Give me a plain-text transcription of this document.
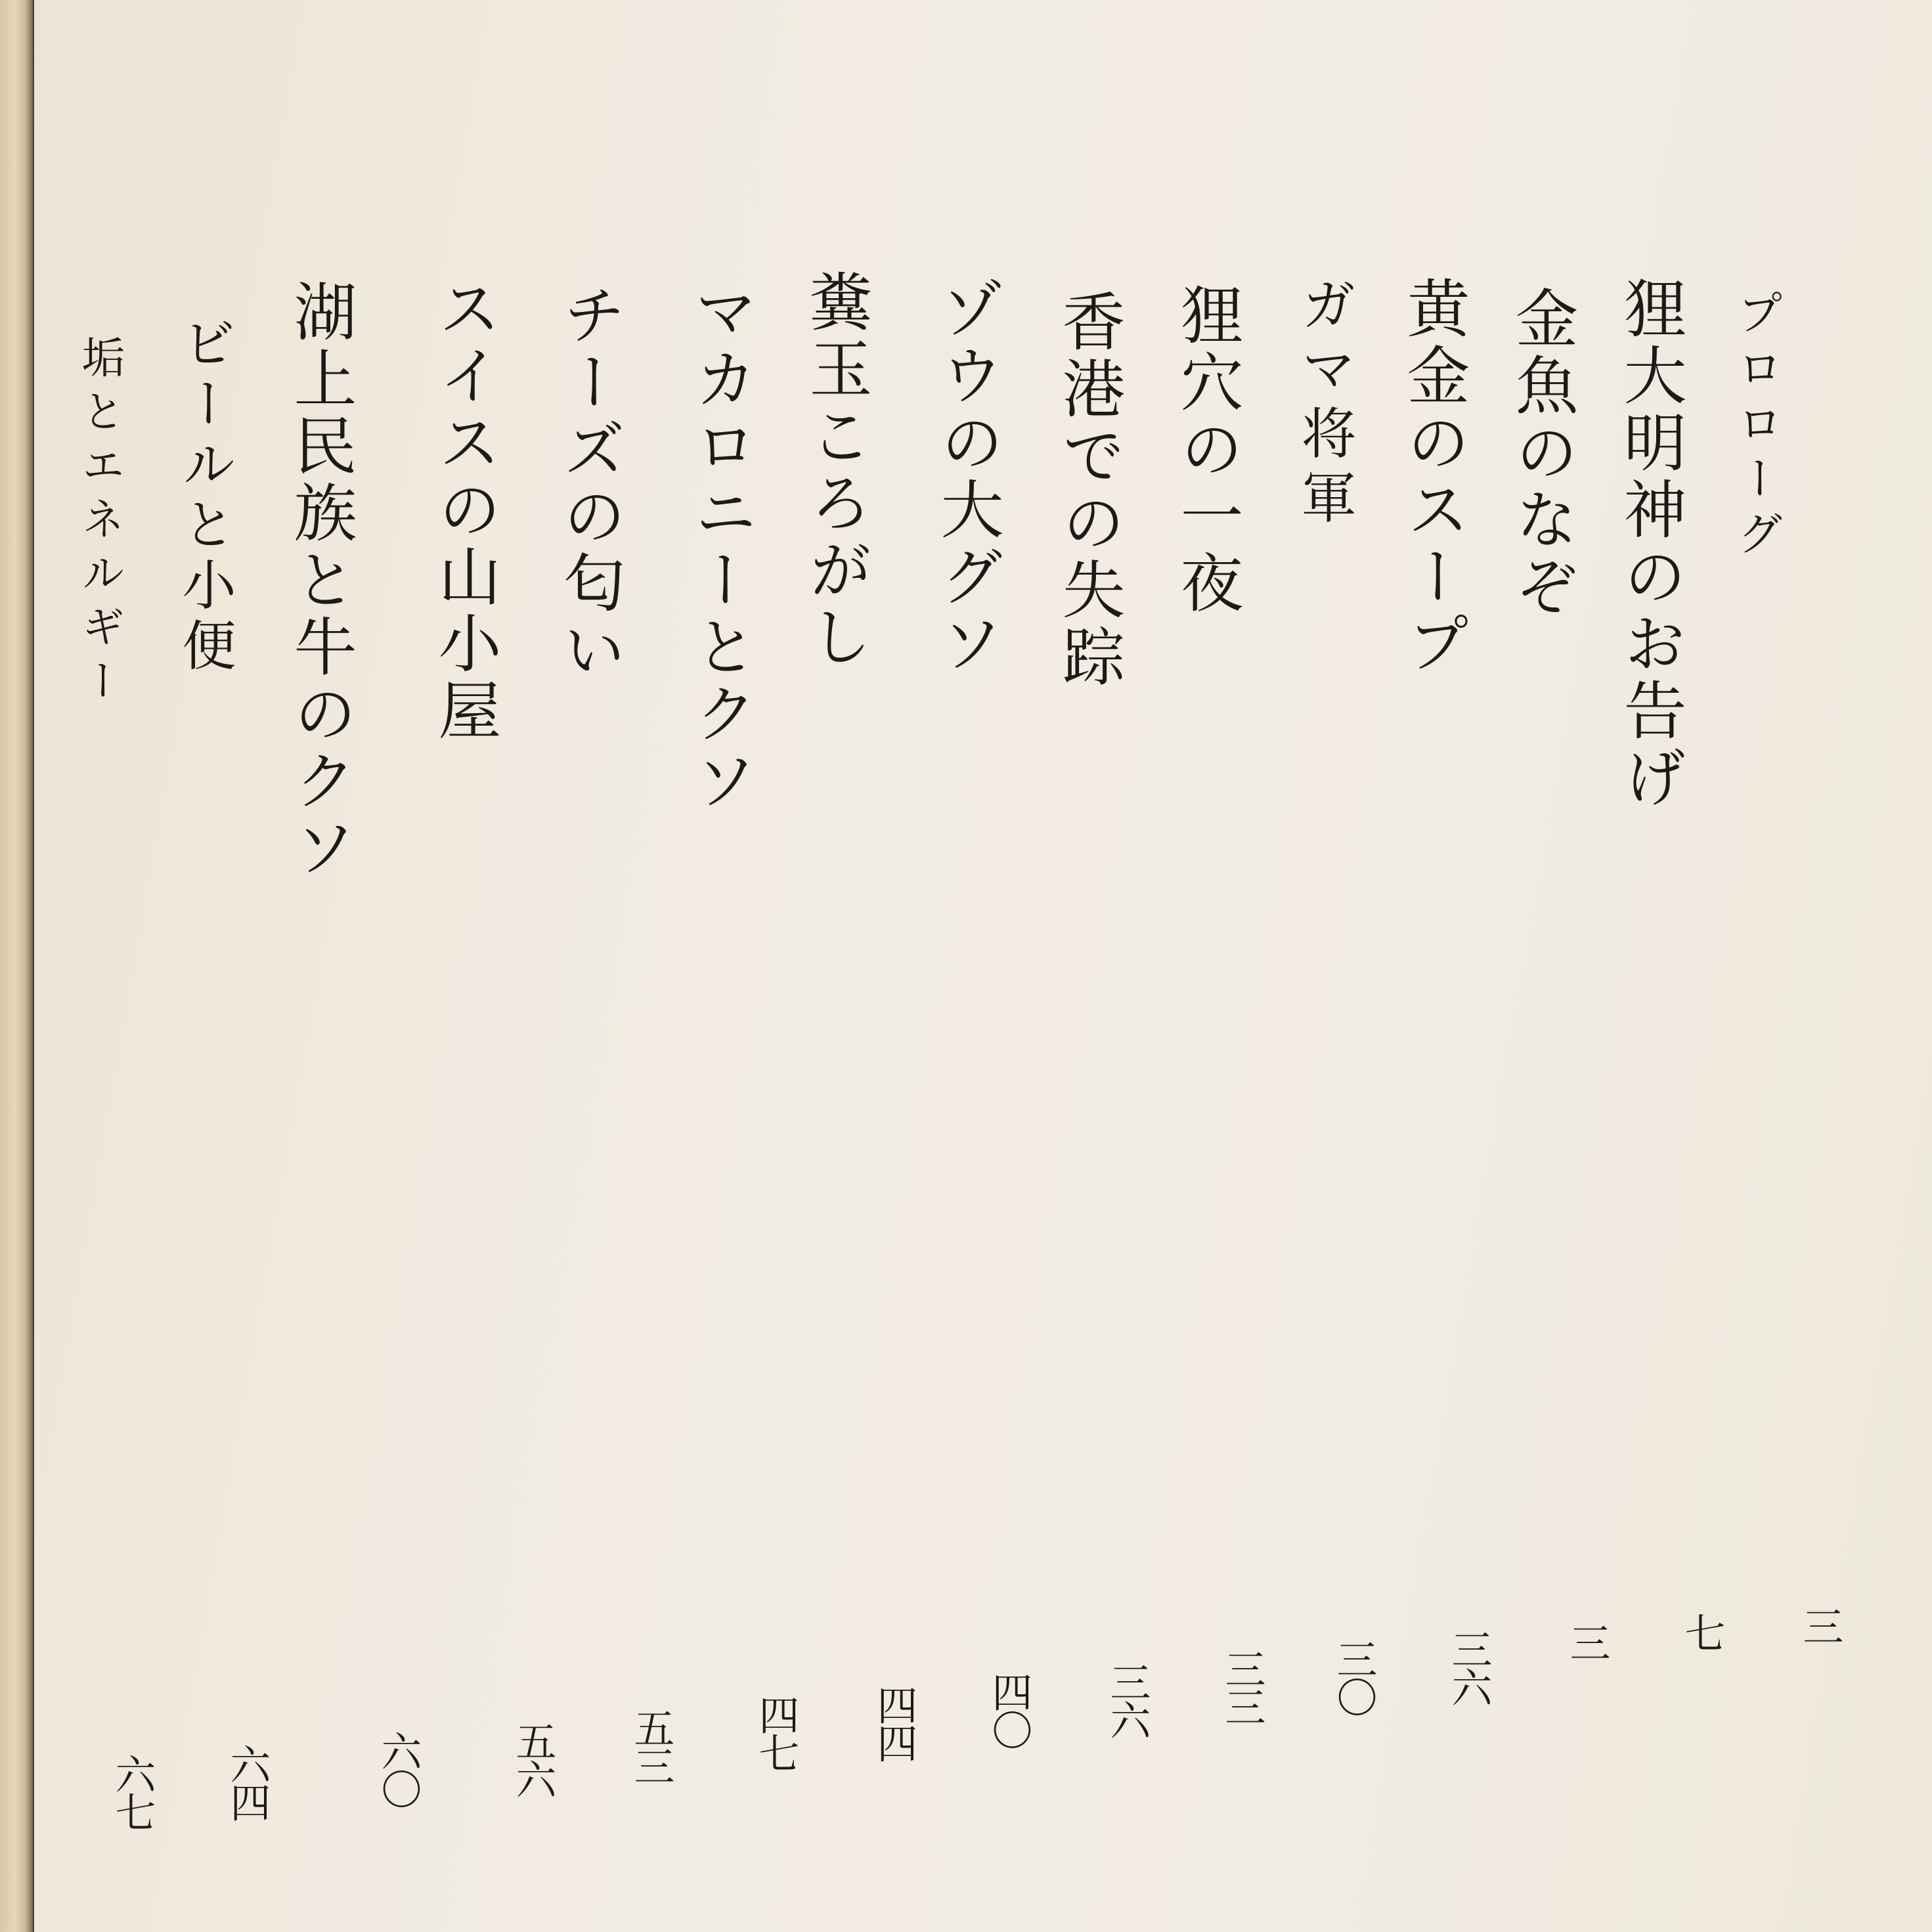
プロローグ
三
狸大明神のお告げ
七
金魚のなぞ
三
黄金のスープ
三六
ガマ将軍
三〇
狸穴の一夜
三三
香港での失踪
三六
ゾウの大グソ
四〇
糞玉ころがし
四四
マカロニーとクソ
四七
チーズの匂い
五三
スイスの山小屋
五六
湖上民族と牛のクソ
六〇
ビールと小便
六四
垢とエネルギー
六七
